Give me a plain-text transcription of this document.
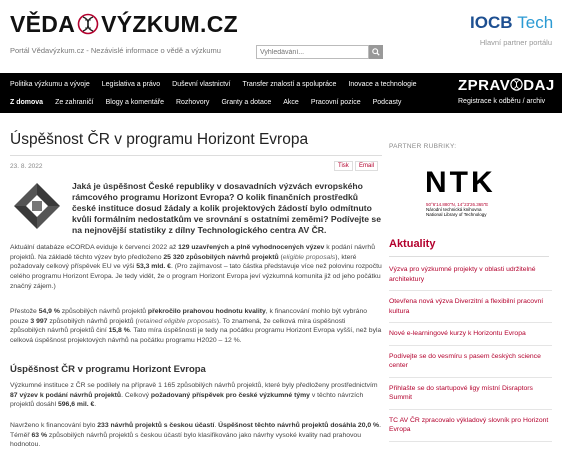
VĚDA VÝZKUM.CZ
Portál Vědavýzkum.cz - Nezávislé informace o vědě a výzkumu
Vyhledávání...
IOCB Tech
Hlavní partner portálu
Politika výzkumu a vývoje Legislativa a právo Duševní vlastnictví Transfer znalostí a spolupráce Inovace a technologie
Z domova Ze zahraničí Blogy a komentáře Rozhovory Granty a dotace Akce Pracovní pozice Podcasty
ZPRAV DAJ
Registrace k odběru / archiv
Úspěšnost ČR v programu Horizont Evropa
23. 8. 2022	Tisk	Email
Jaká je úspěšnost České republiky v dosavadních výzvách evropského rámcového programu Horizont Evropa? O kolik finančních prostředků české instituce dosud žádaly a kolik projektových žádostí bylo odmítnuto kvůli formálním nedostatkům ve srovnání s ostatními zeměmi? Podívejte se na nejnovější statistiky z dílny Technologického centra AV ČR.
Aktuální databáze eCORDA eviduje k červenci 2022 až 129 uzavřených a plně vyhodnocených výzev k podání návrhů projektů. Na základě těchto výzev bylo předloženo 25 320 způsobilých návrhů projektů (eligible proposals), které požadovaly celkový příspěvek EU ve výši 53,3 mld. €. (Pro zajímavost – tato částka představuje více než polovinu rozpočtu celého programu Horizont Evropa. Je tedy vidět, že o program Horizont Evropa jeví výzkumná komunita již od jeho počátku značný zájem.)
Přestože 54,9 % způsobilých návrhů projektů překročilo prahovou hodnotu kvality, k financování mohlo být vybráno pouze 3 997 způsobilých návrhů projektů (retained eligible proposals). To znamená, že celková míra úspěšnosti způsobilých návrhů projektů činí 15,8 %. Tato míra úspěšnosti je tedy na počátku programu Horizont Evropa vyšší, než byla celková úspěšnost projektových návrhů na počátku programu H2020 – 12 %.
Úspěšnost ČR v programu Horizont Evropa
Výzkumné instituce z ČR se podílely na přípravě 1 165 způsobilých návrhů projektů, které byly předloženy prostřednictvím 87 výzev k podání návrhů projektů. Celkový požadovaný příspěvek pro české výzkumné týmy v těchto návrzích projektů dosáhl 596,6 mil. €.
Navrženo k financování bylo 233 návrhů projektů s českou účastí. Úspěšnost těchto návrhů projektů dosáhla 20,0 %. Téměř 63 % způsobilých návrhů projektů s českou účastí bylo klasifikováno jako návrhy vysoké kvality nad prahovou hodnotou.
PARTNER RUBRIKY:
NTK
50°6'14.880"N, 14°23'26.365"E
Národní technická knihovna
National Library of Technology
Aktuality
Výzva pro výzkumné projekty v oblasti udržitelné architektury
Otevřena nová výzva Diverzitní a flexibilní pracovní kultura
Nové e-learningové kurzy k Horizontu Evropa
Podívejte se do vesmíru s pasem českých science center
Přihlašte se do startupové ligy místní Disraptors Summit
TC AV ČR zpracovalo výkladový slovník pro Horizont Evropa
